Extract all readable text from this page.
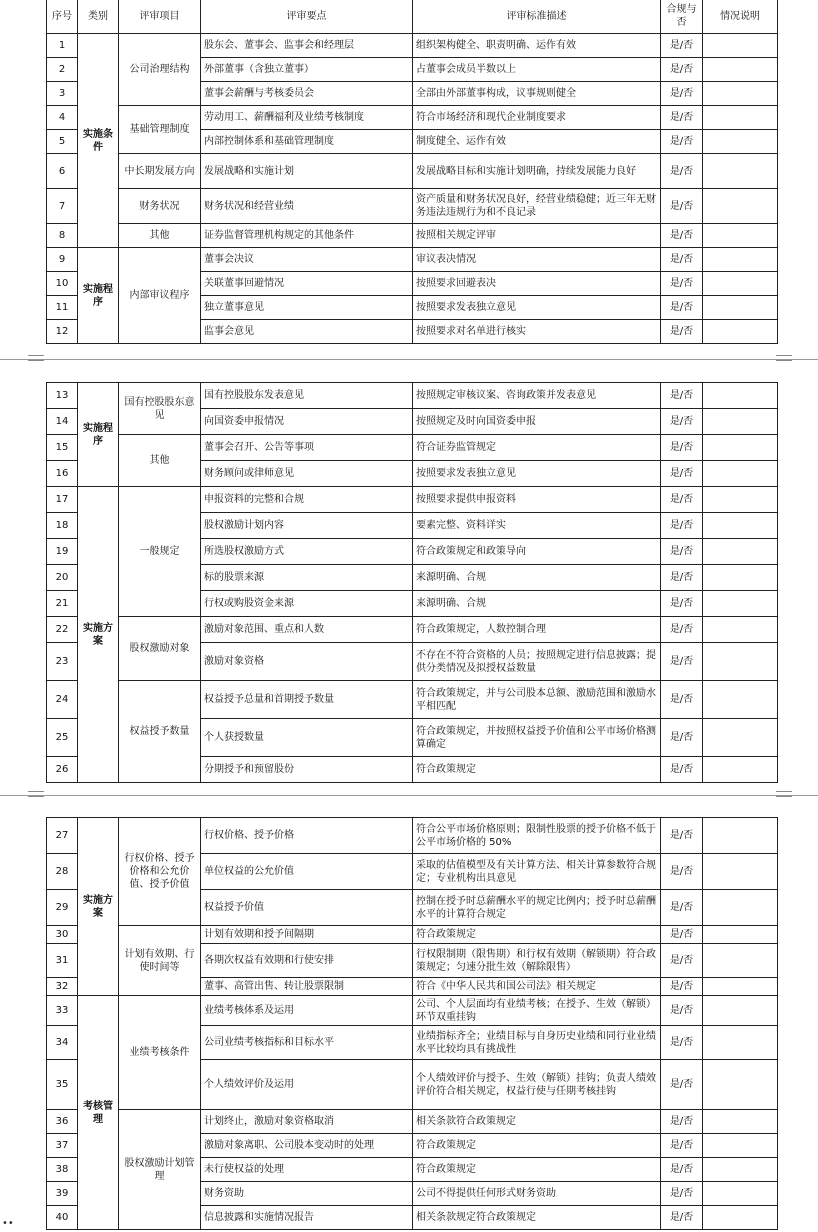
序号	类别	评审项目	评审要点	评审标准描述	合规与否	情况说明
1	实施条件	公司治理结构	股东会、董事会、监事会和经理层	组织架构健全、职责明确、运作有效	是/否	
2			外部董事（含独立董事）	占董事会成员半数以上	是/否	
3			董事会薪酬与考核委员会	全部由外部董事构成，议事规则健全	是/否	
4		基础管理制度	劳动用工、薪酬福利及业绩考核制度	符合市场经济和现代企业制度要求	是/否	
5			内部控制体系和基础管理制度	制度健全、运作有效	是/否	
6		中长期发展方向	发展战略和实施计划	发展战略目标和实施计划明确，持续发展能力良好	是/否	
7		财务状况	财务状况和经营业绩	资产质量和财务状况良好，经营业绩稳健；近三年无财务违法违规行为和不良记录	是/否	
8		其他	证券监督管理机构规定的其他条件	按照相关规定评审	是/否	
9	实施程序	内部审议程序	董事会决议	审议表决情况	是/否	
10			关联董事回避情况	按照要求回避表决	是/否	
11			独立董事意见	按照要求发表独立意见	是/否	
12			监事会意见	按照要求对名单进行核实	是/否	
13	实施程序	国有控股股东意见	国有控股股东发表意见	按照规定审核议案、咨询政策并发表意见	是/否	
14			向国资委申报情况	按照规定及时向国资委申报	是/否	
15		其他	董事会召开、公告等事项	符合证券监管规定	是/否	
16			财务顾问或律师意见	按照要求发表独立意见	是/否	
17	实施方案	一般规定	申报资料的完整和合规	按照要求提供申报资料	是/否	
18			股权激励计划内容	要素完整、资料详实	是/否	
19			所选股权激励方式	符合政策规定和政策导向	是/否	
20			标的股票来源	来源明确、合规	是/否	
21			行权或购股资金来源	来源明确、合规	是/否	
22		股权激励对象	激励对象范围、重点和人数	符合政策规定，人数控制合理	是/否	
23			激励对象资格	不存在不符合资格的人员；按照规定进行信息披露；提供分类情况及拟授权益数量	是/否	
24		权益授予数量	权益授予总量和首期授予数量	符合政策规定，并与公司股本总额、激励范围和激励水平相匹配	是/否	
25			个人获授数量	符合政策规定，并按照权益授予价值和公平市场价格测算确定	是/否	
26			分期授予和预留股份	符合政策规定	是/否	
27	实施方案	行权价格、授予价格和公允价值、授予价值	行权价格、授予价格	符合公平市场价格原则；限制性股票的授予价格不低于公平市场价格的 50%	是/否	
28			单位权益的公允价值	采取的估值模型及有关计算方法、相关计算参数符合规定；专业机构出具意见	是/否	
29			权益授予价值	控制在授予时总薪酬水平的规定比例内；授予时总薪酬水平的计算符合规定	是/否	
30		计划有效期、行使时间等	计划有效期和授予间隔期	符合政策规定	是/否	
31			各期次权益有效期和行使安排	行权限制期（限售期）和行权有效期（解锁期）符合政策规定；匀速分批生效（解除限售）	是/否	
32			董事、高管出售、转让股票限制	符合《中华人民共和国公司法》相关规定	是/否	
33	考核管理	业绩考核条件	业绩考核体系及运用	公司、个人层面均有业绩考核；在授予、生效（解锁）环节双重挂钩	是/否	
34			公司业绩考核指标和目标水平	业绩指标齐全；业绩目标与自身历史业绩和同行业业绩水平比较均具有挑战性	是/否	
35			个人绩效评价及运用	个人绩效评价与授予、生效（解锁）挂钩；负责人绩效评价符合相关规定，权益行使与任期考核挂钩	是/否	
36		股权激励计划管理	计划终止，激励对象资格取消	相关条款符合政策规定	是/否	
37			激励对象离职、公司股本变动时的处理	符合政策规定	是/否	
38			未行使权益的处理	符合政策规定	是/否	
39			财务资助	公司不得提供任何形式财务资助	是/否	
40			信息披露和实施情况报告	相关条款规定符合政策规定	是/否	
••
